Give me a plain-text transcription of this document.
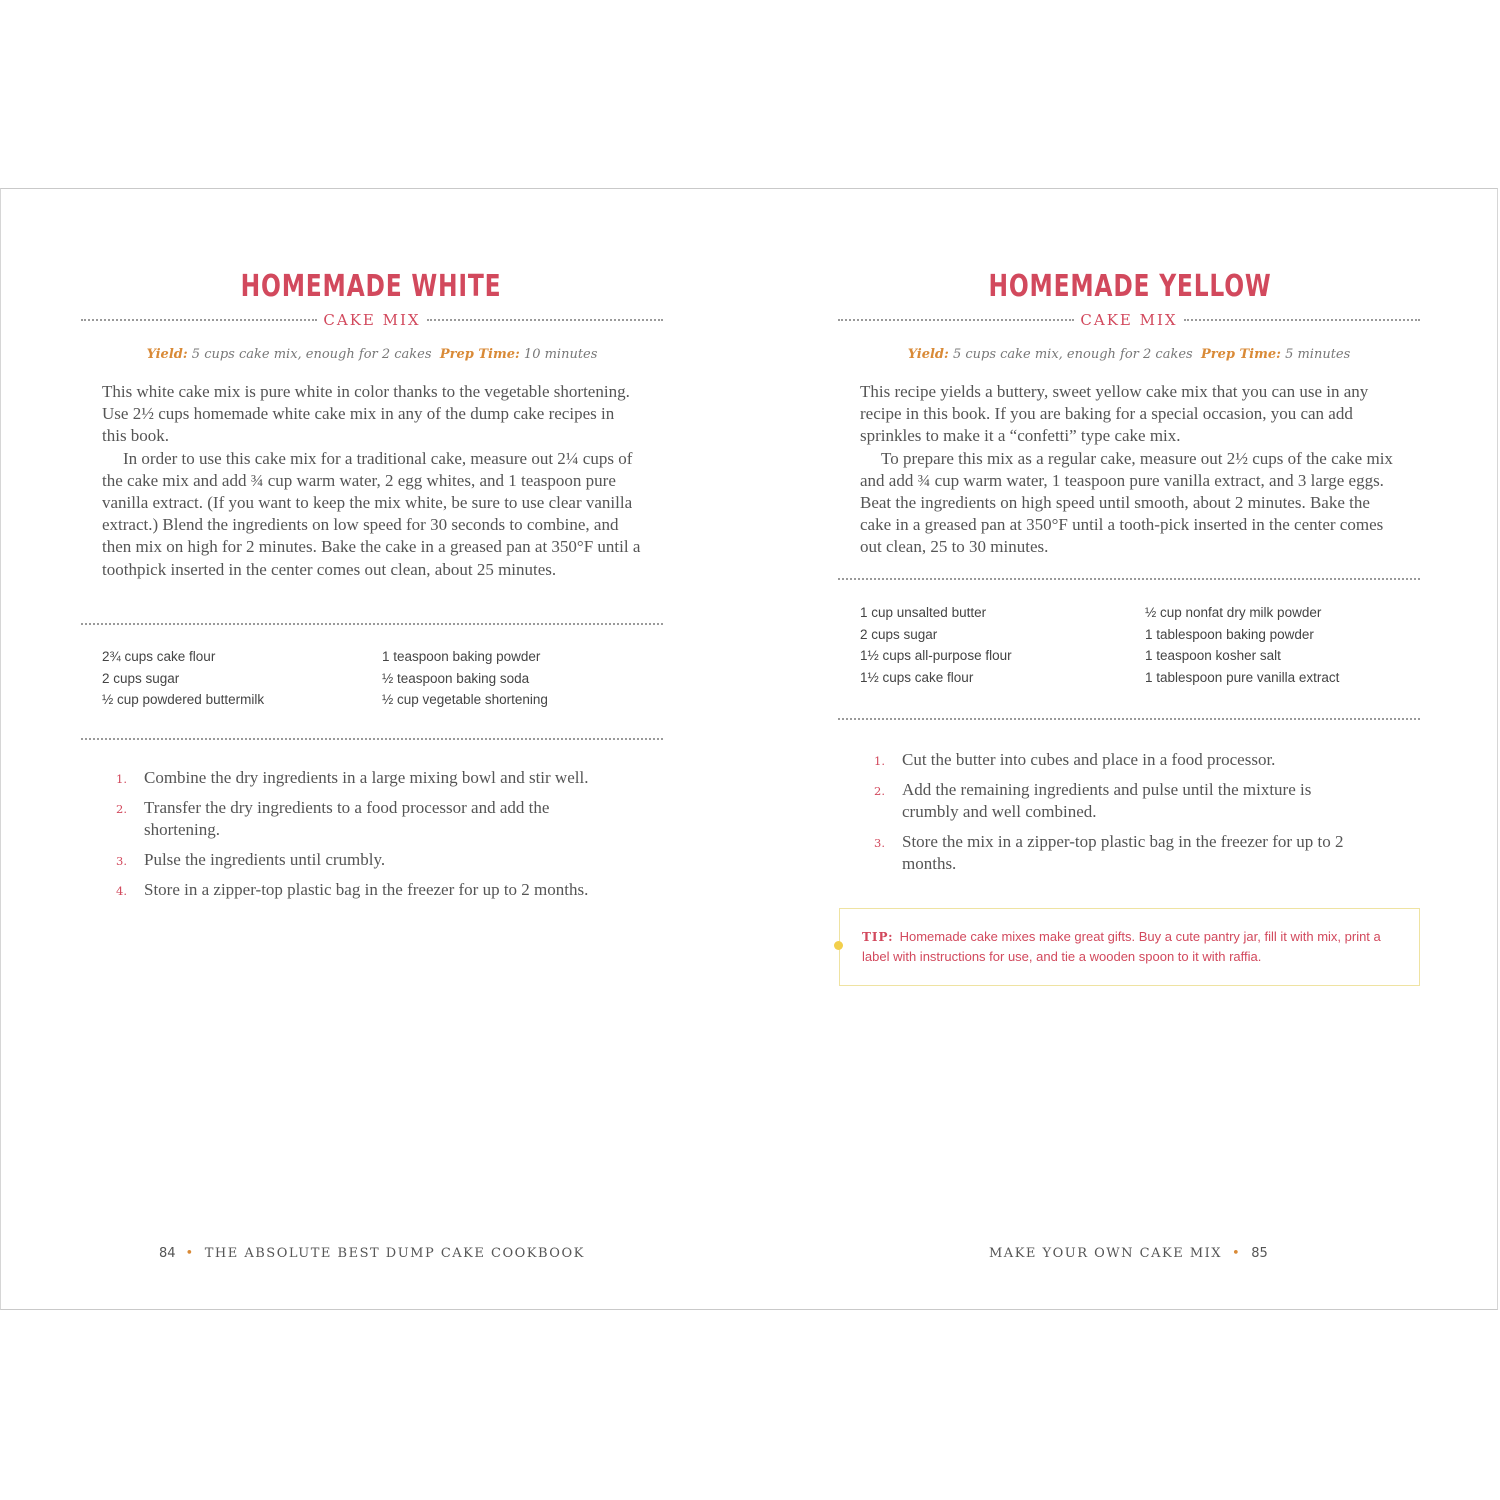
HOMEMADE WHITE
CAKE MIX
Yield: 5 cups cake mix, enough for 2 cakes Prep Time: 10 minutes

This white cake mix is pure white in color thanks to the vegetable shortening. Use 2½ cups homemade white cake mix in any of the dump cake recipes in this book.

In order to use this cake mix for a traditional cake, measure out 2¼ cups of the cake mix and add ¾ cup warm water, 2 egg whites, and 1 teaspoon pure vanilla extract. (If you want to keep the mix white, be sure to use clear vanilla extract.) Blend the ingredients on low speed for 30 seconds to combine, and then mix on high for 2 minutes. Bake the cake in a greased pan at 350°F until a toothpick inserted in the center comes out clean, about 25 minutes.

2¾ cups cake flour	1 teaspoon baking powder
2 cups sugar	½ teaspoon baking soda
½ cup powdered buttermilk	½ cup vegetable shortening
1. Combine the dry ingredients in a large mixing bowl and stir well.
2. Transfer the dry ingredients to a food processor and add the shortening.
3. Pulse the ingredients until crumbly.
4. Store in a zipper-top plastic bag in the freezer for up to 2 months.
84 • THE ABSOLUTE BEST DUMP CAKE COOKBOOK
HOMEMADE YELLOW
CAKE MIX
Yield: 5 cups cake mix, enough for 2 cakes Prep Time: 5 minutes

This recipe yields a buttery, sweet yellow cake mix that you can use in any recipe in this book. If you are baking for a special occasion, you can add sprinkles to make it a “confetti” type cake mix.

To prepare this mix as a regular cake, measure out 2½ cups of the cake mix and add ¾ cup warm water, 1 teaspoon pure vanilla extract, and 3 large eggs. Beat the ingredients on high speed until smooth, about 2 minutes. Bake the cake in a greased pan at 350°F until a tooth-pick inserted in the center comes out clean, 25 to 30 minutes.

1 cup unsalted butter	½ cup nonfat dry milk powder
2 cups sugar	1 tablespoon baking powder
1½ cups all-purpose flour	1 teaspoon kosher salt
1½ cups cake flour	1 tablespoon pure vanilla extract
1. Cut the butter into cubes and place in a food processor.
2. Add the remaining ingredients and pulse until the mixture is crumbly and well combined.
3. Store the mix in a zipper-top plastic bag in the freezer for up to 2 months.
TIP: Homemade cake mixes make great gifts. Buy a cute pantry jar, fill it with mix, print a label with instructions for use, and tie a wooden spoon to it with raffia.
MAKE YOUR OWN CAKE MIX • 85
